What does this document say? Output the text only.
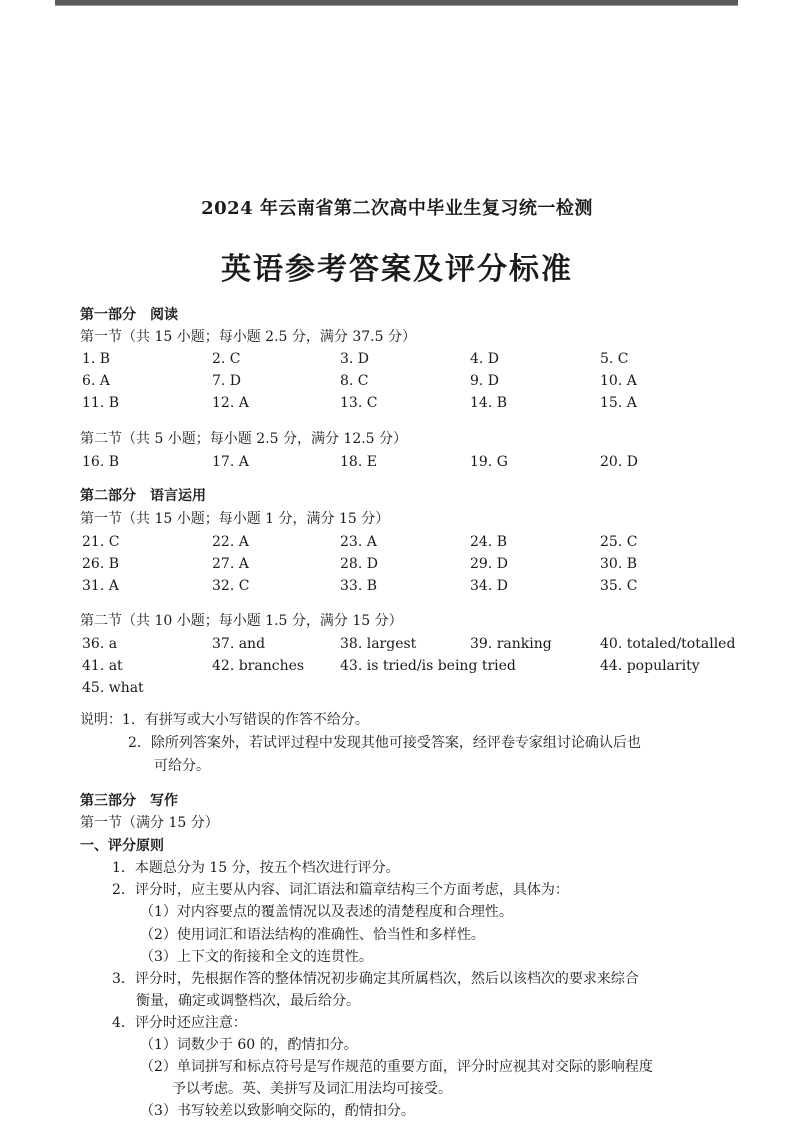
2024 年云南省第二次高中毕业生复习统一检测
英语参考答案及评分标准
第一部分　阅读
第一节（共 15 小题；每小题 2.5 分，满分 37.5 分）
1. B	2. C	3. D	4. D	5. C
6. A	7. D	8. C	9. D	10. A
11. B	12. A	13. C	14. B	15. A
第二节（共 5 小题；每小题 2.5 分，满分 12.5 分）
16. B	17. A	18. E	19. G	20. D
第二部分　语言运用
第一节（共 15 小题；每小题 1 分，满分 15 分）
21. C	22. A	23. A	24. B	25. C
26. B	27. A	28. D	29. D	30. B
31. A	32. C	33. B	34. D	35. C
第二节（共 10 小题；每小题 1.5 分，满分 15 分）
36. a	37. and	38. largest	39. ranking	40. totaled/totalled
41. at	42. branches	43. is tried/is being tried	44. popularity
45. what
说明：1．有拼写或大小写错误的作答不给分。
2．除所列答案外，若试评过程中发现其他可接受答案，经评卷专家组讨论确认后也
可给分。
第三部分　写作
第一节（满分 15 分）
一、评分原则
1．本题总分为 15 分，按五个档次进行评分。
2．评分时，应主要从内容、词汇语法和篇章结构三个方面考虑，具体为：
（1）对内容要点的覆盖情况以及表述的清楚程度和合理性。
（2）使用词汇和语法结构的准确性、恰当性和多样性。
（3）上下文的衔接和全文的连贯性。
3．评分时，先根据作答的整体情况初步确定其所属档次，然后以该档次的要求来综合
衡量，确定或调整档次，最后给分。
4．评分时还应注意：
（1）词数少于 60 的，酌情扣分。
（2）单词拼写和标点符号是写作规范的重要方面，评分时应视其对交际的影响程度
予以考虑。英、美拼写及词汇用法均可接受。
（3）书写较差以致影响交际的，酌情扣分。
